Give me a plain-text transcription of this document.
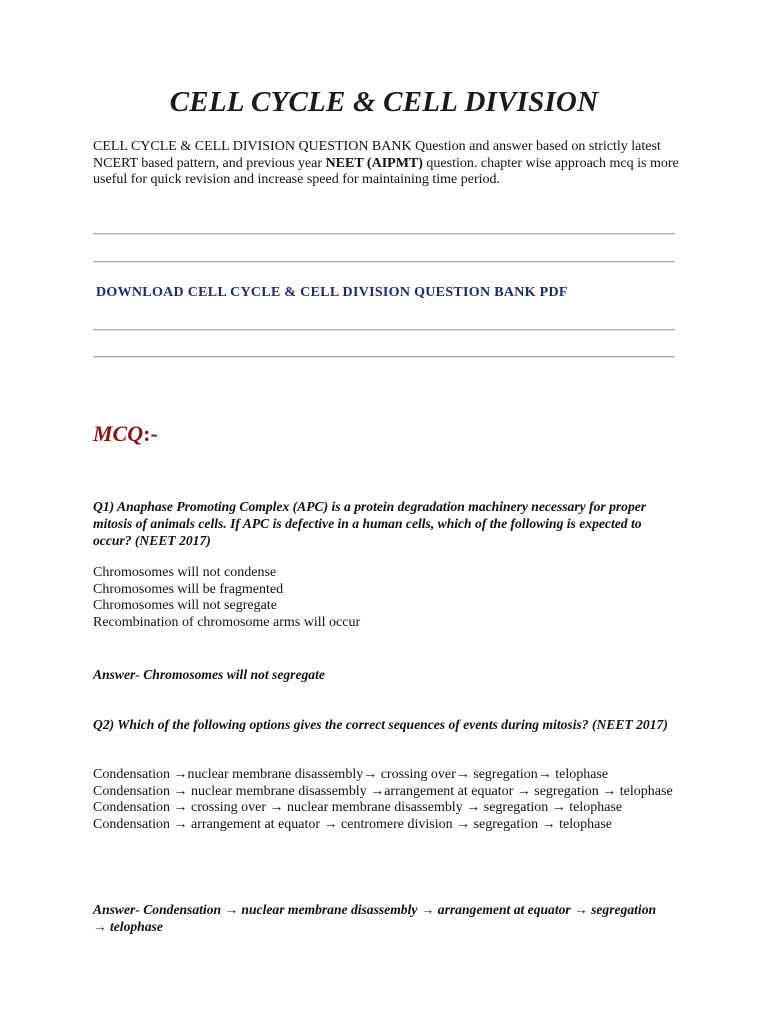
CELL CYCLE & CELL DIVISION

CELL CYCLE & CELL DIVISION QUESTION BANK Question and answer based on strictly latest NCERT based pattern, and previous year NEET (AIPMT) question. chapter wise approach mcq is more useful for quick revision and increase speed for maintaining time period.

DOWNLOAD CELL CYCLE & CELL DIVISION QUESTION BANK PDF
MCQ:-

Q1) Anaphase Promoting Complex (APC) is a protein degradation machinery necessary for proper mitosis of animals cells. If APC is defective in a human cells, which of the following is expected to occur? (NEET 2017)

Chromosomes will not condense
Chromosomes will be fragmented
Chromosomes will not segregate
Recombination of chromosome arms will occur

Answer- Chromosomes will not segregate

Q2) Which of the following options gives the correct sequences of events during mitosis? (NEET 2017)

Condensation →nuclear membrane disassembly→ crossing over→ segregation→ telophase
Condensation → nuclear membrane disassembly →arrangement at equator → segregation → telophase
Condensation → crossing over → nuclear membrane disassembly → segregation → telophase
Condensation → arrangement at equator → centromere division → segregation → telophase

Answer- Condensation → nuclear membrane disassembly → arrangement at equator → segregation → telophase
